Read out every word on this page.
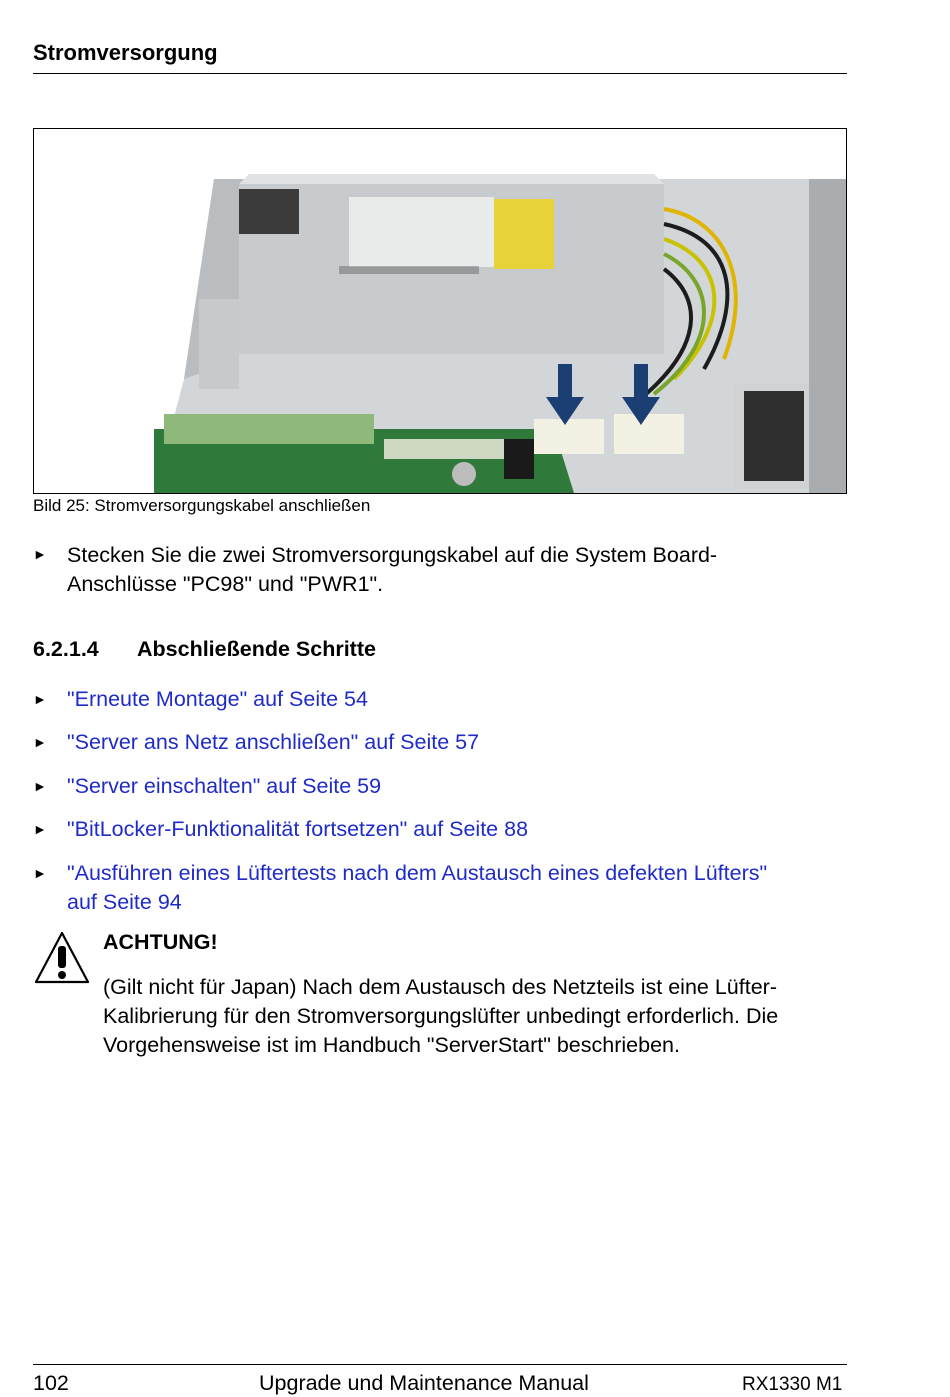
Stromversorgung
Bild 25: Stromversorgungskabel anschließen
► Stecken Sie die zwei Stromversorgungskabel auf die System Board-
Anschlüsse "PC98" und "PWR1".
6.2.1.4 Abschließende Schritte
► "Erneute Montage" auf Seite 54
► "Server ans Netz anschließen" auf Seite 57
► "Server einschalten" auf Seite 59
► "BitLocker-Funktionalität fortsetzen" auf Seite 88
► "Ausführen eines Lüftertests nach dem Austausch eines defekten Lüfters"
auf Seite 94
ACHTUNG!
(Gilt nicht für Japan) Nach dem Austausch des Netzteils ist eine Lüfter-
Kalibrierung für den Stromversorgungslüfter unbedingt erforderlich. Die
Vorgehensweise ist im Handbuch "ServerStart" beschrieben.
102	Upgrade und Maintenance Manual	RX1330 M1
